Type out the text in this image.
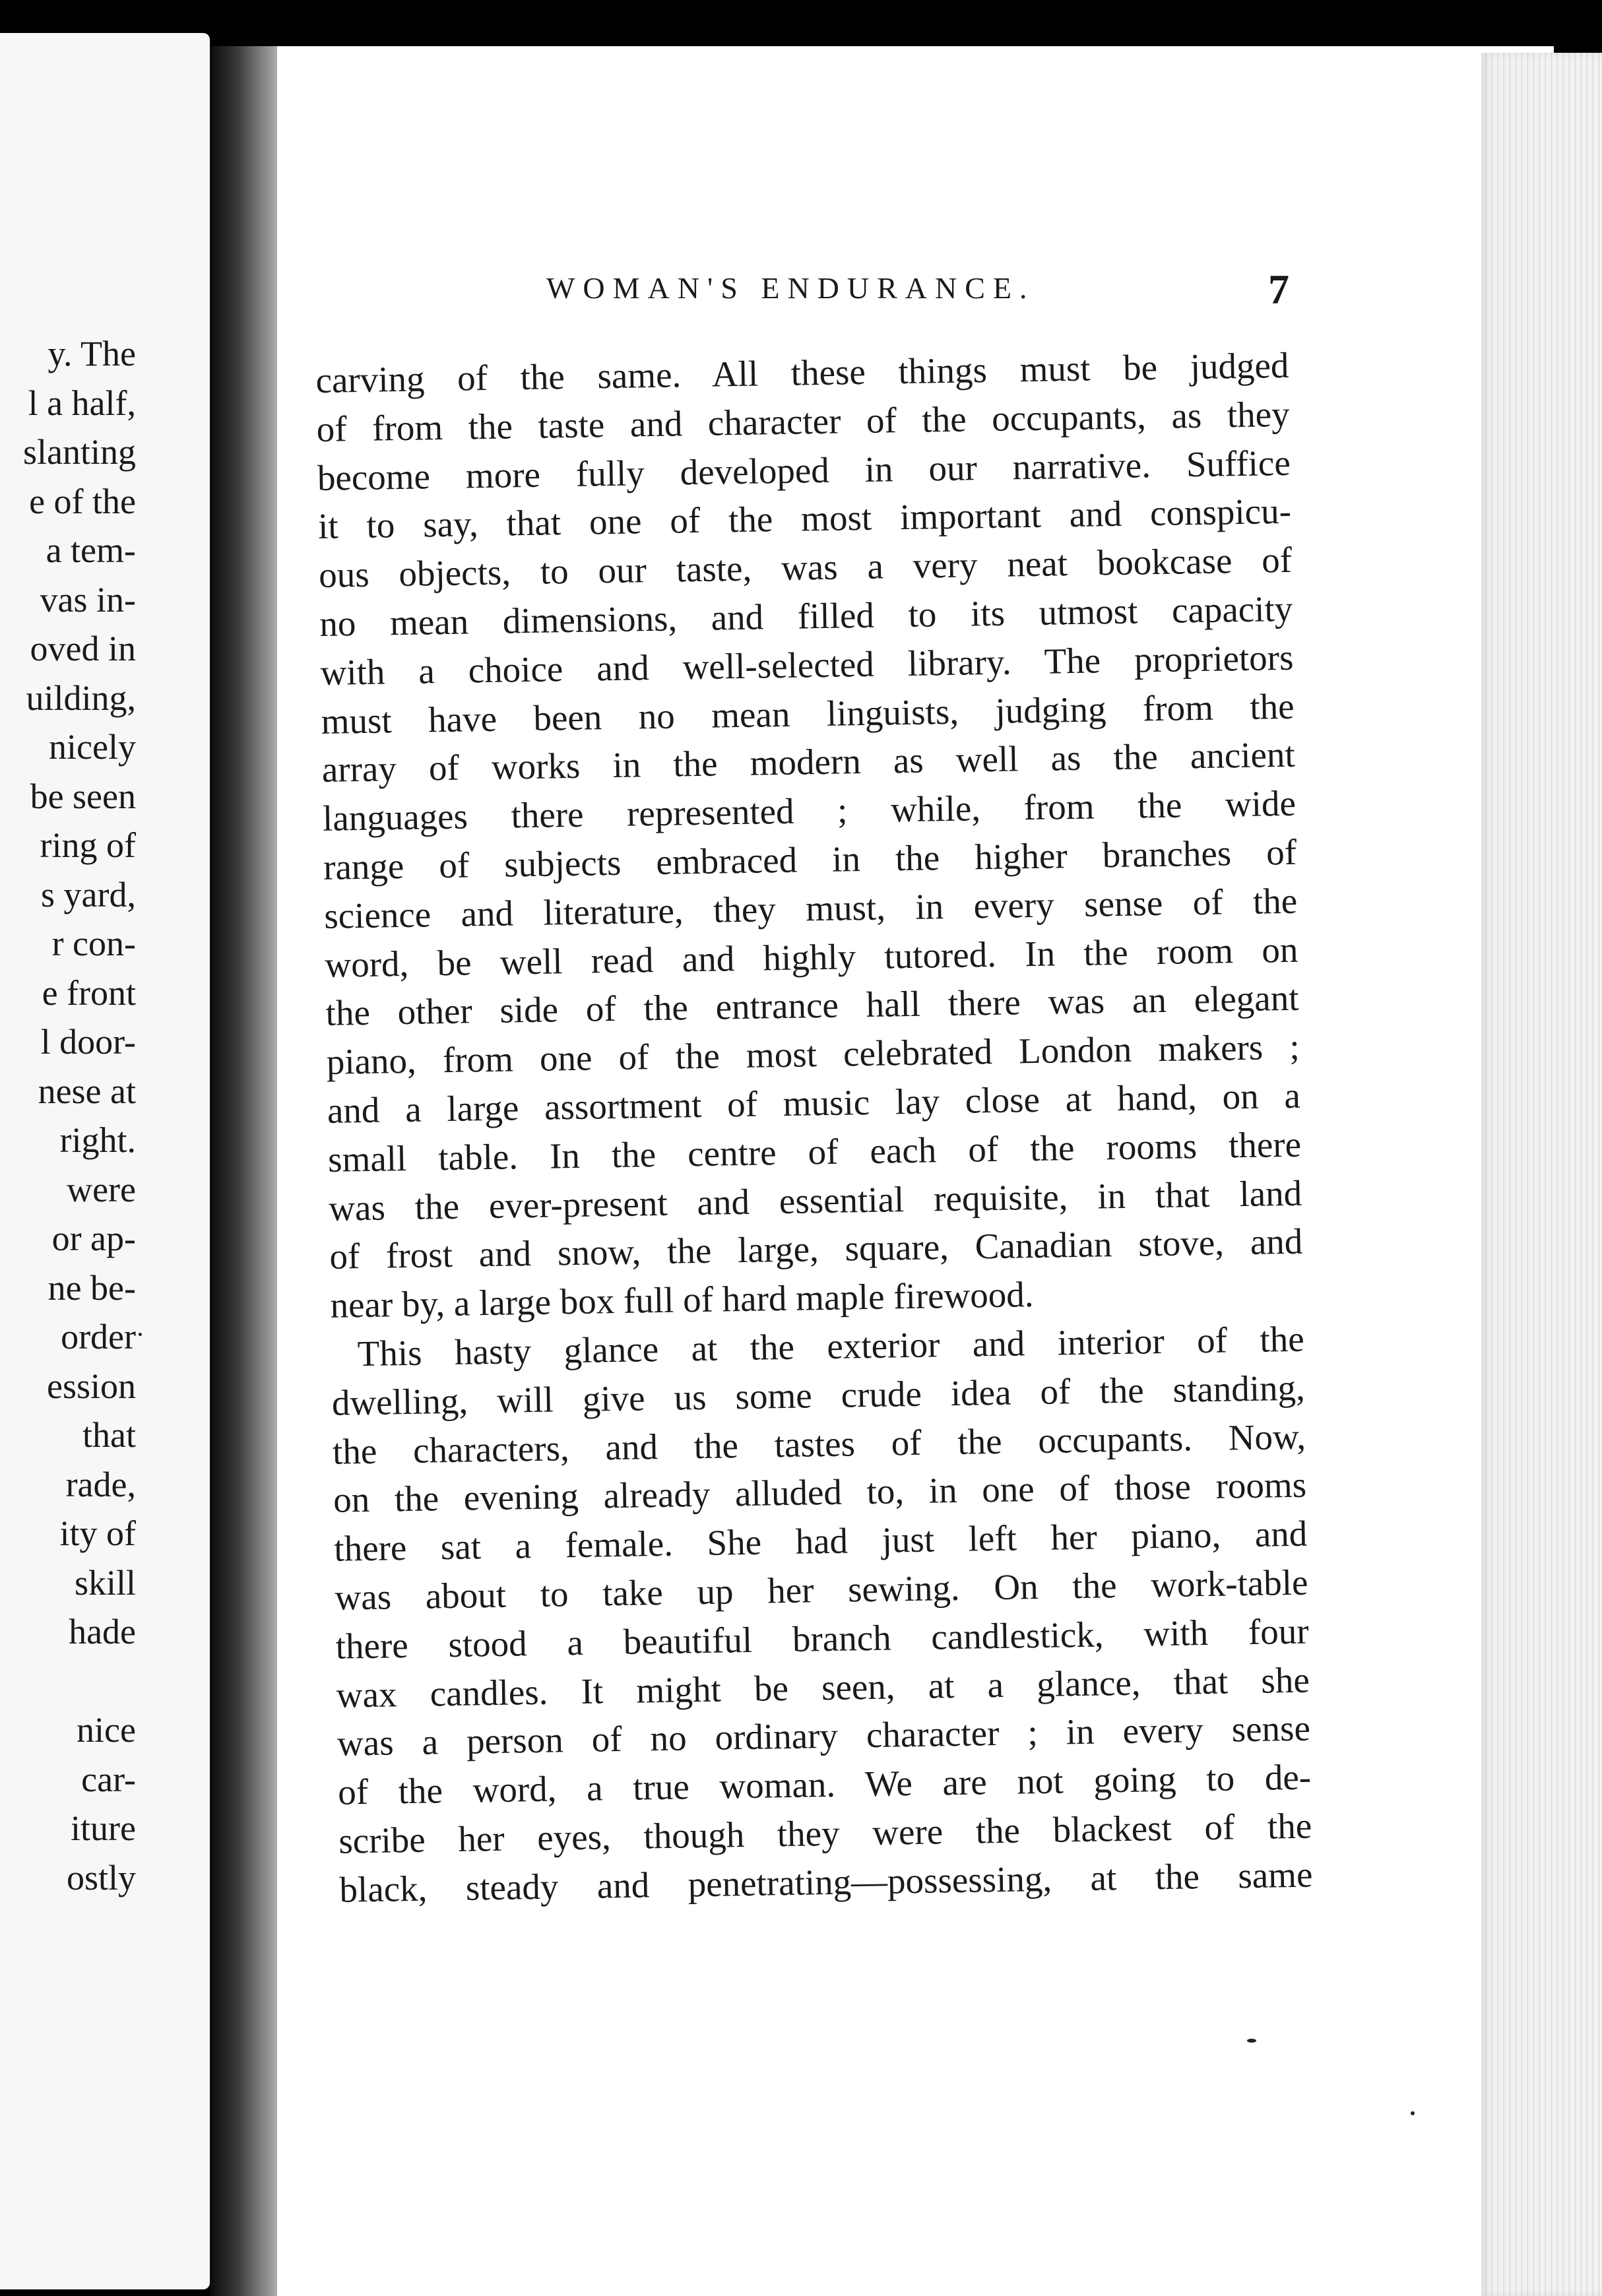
y. The
l a half,
slanting
e of the
a tem-
vas in-
oved in
uilding,
nicely
be seen
ring of
s yard,
r con-
e front
l door-
nese at
right.
were
or ap-
ne be-
order
ession
that
rade,
ity of
skill
hade
nice
car-
iture
ostly
WOMAN'S ENDURANCE.	7
carving of the same. All these things must be judged
of from the taste and character of the occupants, as they
become more fully developed in our narrative. Suffice
it to say, that one of the most important and conspicu-
ous objects, to our taste, was a very neat bookcase of
no mean dimensions, and filled to its utmost capacity
with a choice and well-selected library. The proprietors
must have been no mean linguists, judging from the
array of works in the modern as well as the ancient
languages there represented ; while, from the wide
range of subjects embraced in the higher branches of
science and literature, they must, in every sense of the
word, be well read and highly tutored. In the room on
the other side of the entrance hall there was an elegant
piano, from one of the most celebrated London makers ;
and a large assortment of music lay close at hand, on a
small table. In the centre of each of the rooms there
was the ever-present and essential requisite, in that land
of frost and snow, the large, square, Canadian stove, and
near by, a large box full of hard maple firewood.
This hasty glance at the exterior and interior of the
dwelling, will give us some crude idea of the standing,
the characters, and the tastes of the occupants. Now,
on the evening already alluded to, in one of those rooms
there sat a female. She had just left her piano, and
was about to take up her sewing. On the work-table
there stood a beautiful branch candlestick, with four
wax candles. It might be seen, at a glance, that she
was a person of no ordinary character ; in every sense
of the word, a true woman. We are not going to de-
scribe her eyes, though they were the blackest of the
black, steady and penetrating—possessing, at the same
